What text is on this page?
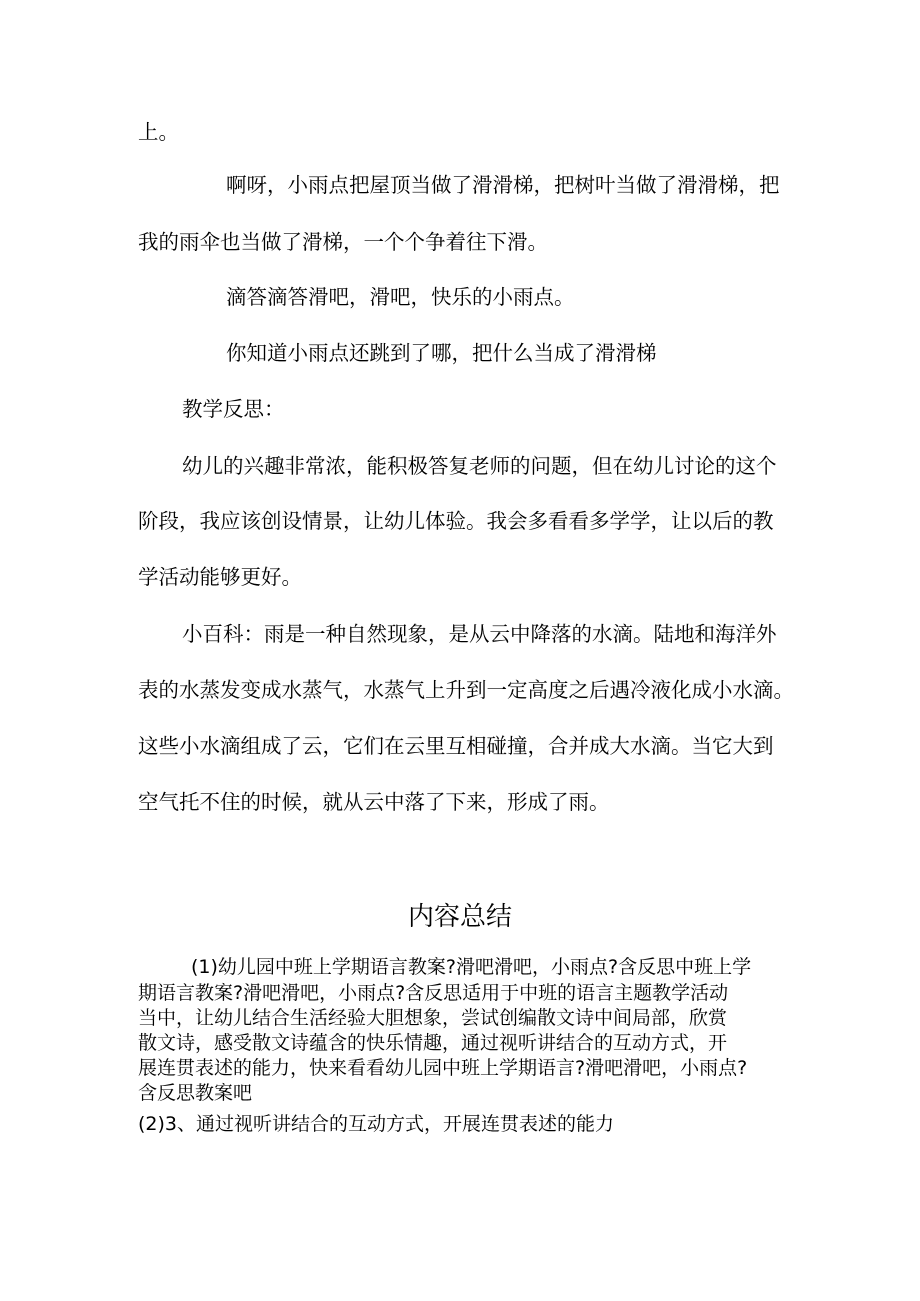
上。
啊呀，小雨点把屋顶当做了滑滑梯，把树叶当做了滑滑梯，把
我的雨伞也当做了滑梯，一个个争着往下滑。
滴答滴答滑吧，滑吧，快乐的小雨点。
你知道小雨点还跳到了哪，把什么当成了滑滑梯
教学反思：
幼儿的兴趣非常浓，能积极答复老师的问题，但在幼儿讨论的这个
阶段，我应该创设情景，让幼儿体验。我会多看看多学学，让以后的教
学活动能够更好。
小百科：雨是一种自然现象，是从云中降落的水滴。陆地和海洋外
表的水蒸发变成水蒸气，水蒸气上升到一定高度之后遇冷液化成小水滴。
这些小水滴组成了云，它们在云里互相碰撞，合并成大水滴。当它大到
空气托不住的时候，就从云中落了下来，形成了雨。
内容总结
(1)幼儿园中班上学期语言教案?滑吧滑吧，小雨点?含反思中班上学
期语言教案?滑吧滑吧，小雨点?含反思适用于中班的语言主题教学活动
当中，让幼儿结合生活经验大胆想象，尝试创编散文诗中间局部，欣赏
散文诗，感受散文诗蕴含的快乐情趣，通过视听讲结合的互动方式，开
展连贯表述的能力，快来看看幼儿园中班上学期语言?滑吧滑吧，小雨点?
含反思教案吧
(2)3、通过视听讲结合的互动方式，开展连贯表述的能力
